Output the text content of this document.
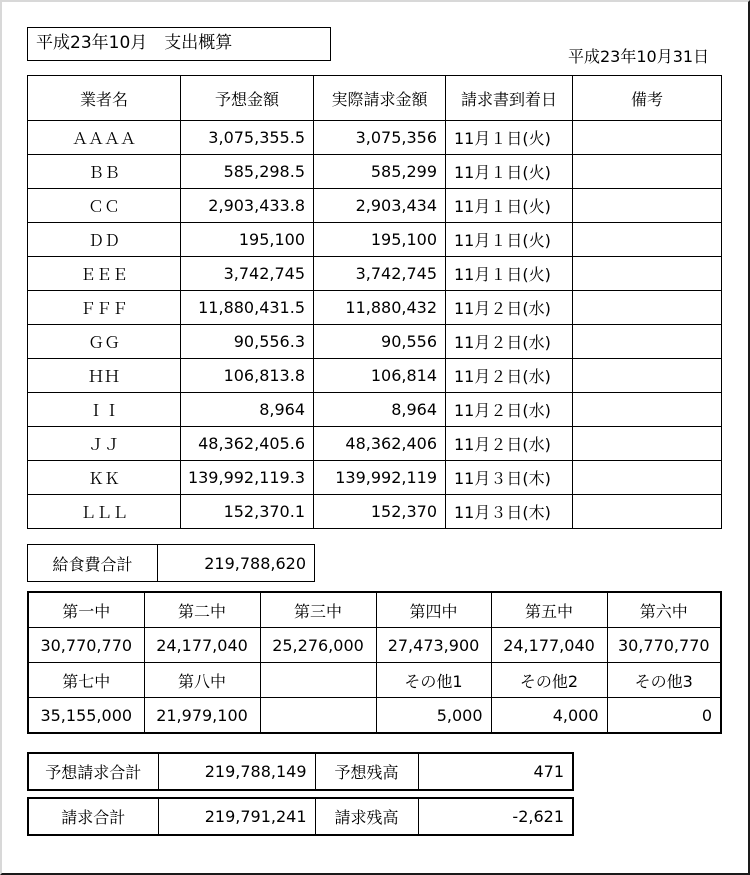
平成23年10月　支出概算
平成23年10月31日
業者名	予想金額	実際請求金額	請求書到着日	備考
ＡＡＡＡ	3,075,355.5	3,075,356	11月１日(火)	
ＢＢ	585,298.5	585,299	11月１日(火)	
ＣＣ	2,903,433.8	2,903,434	11月１日(火)	
ＤＤ	195,100	195,100	11月１日(火)	
ＥＥＥ	3,742,745	3,742,745	11月１日(火)	
ＦＦＦ	11,880,431.5	11,880,432	11月２日(水)	
ＧＧ	90,556.3	90,556	11月２日(水)	
ＨＨ	106,813.8	106,814	11月２日(水)	
ＩＩ	8,964	8,964	11月２日(水)	
ＪＪ	48,362,405.6	48,362,406	11月２日(水)	
ＫＫ	139,992,119.3	139,992,119	11月３日(木)	
ＬＬＬ	152,370.1	152,370	11月３日(木)	
給食費合計	219,788,620
第一中	第二中	第三中	第四中	第五中	第六中
30,770,770	24,177,040	25,276,000	27,473,900	24,177,040	30,770,770
第七中	第八中		その他1	その他2	その他3
35,155,000	21,979,100		5,000	4,000	0
予想請求合計	219,788,149	予想残高	471
請求合計	219,791,241	請求残高	-2,621
